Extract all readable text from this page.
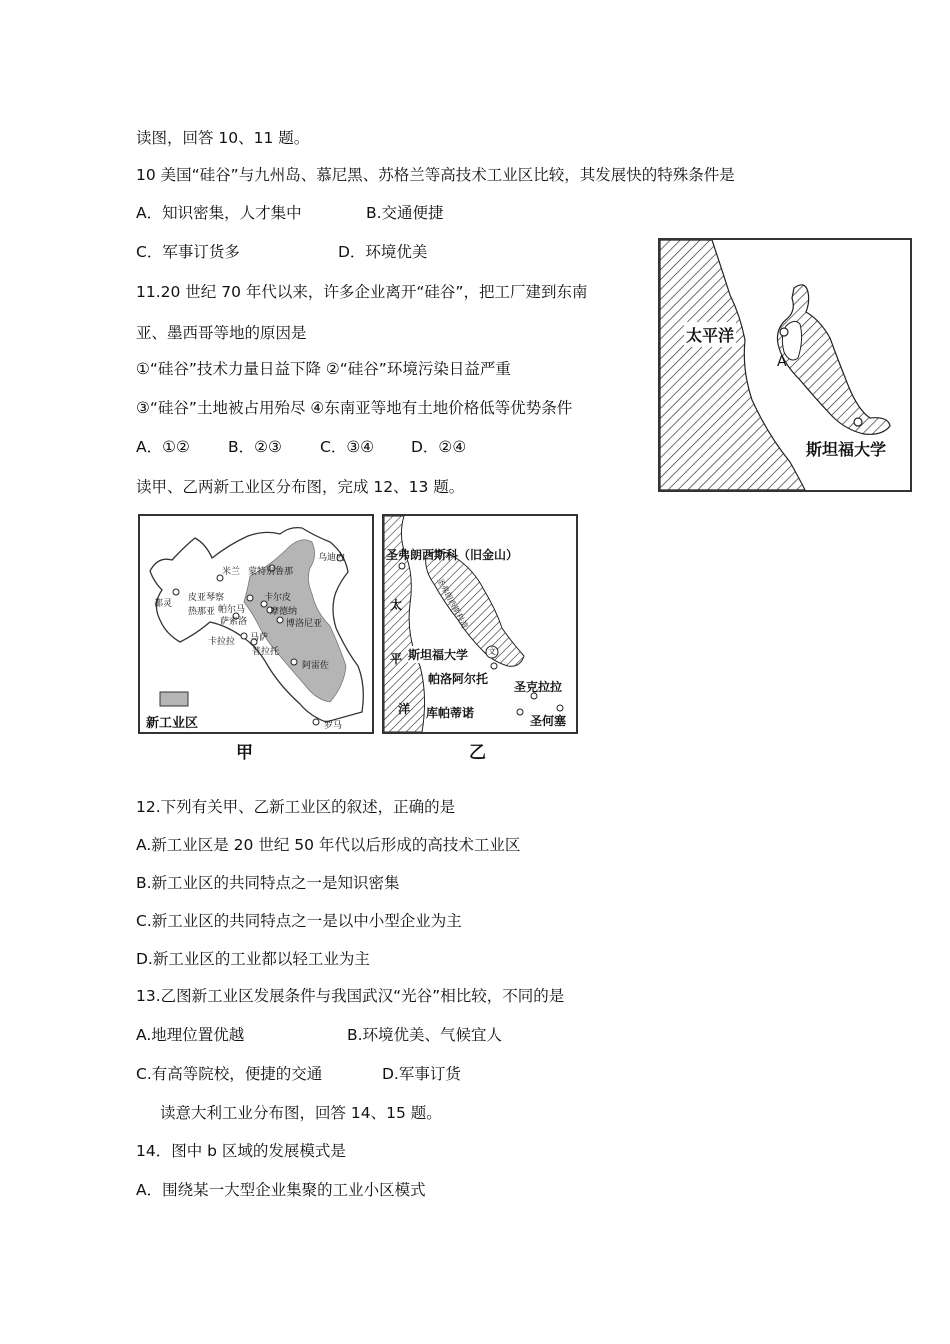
读图，回答 10、11 题。
10 美国“硅谷”与九州岛、慕尼黑、苏格兰等高技术工业区比较，其发展快的特殊条件是
A．知识密集，人才集中	B.交通便捷
C．军事订货多	D．环境优美
11.20 世纪 70 年代以来，许多企业离开“硅谷”，把工厂建到东南
亚、墨西哥等地的原因是
①“硅谷”技术力量日益下降 ②“硅谷”环境污染日益严重
③“硅谷”土地被占用殆尽 ④东南亚等地有土地价格低等优势条件
A．①② B．②③ C．③④ D．②④
读甲、乙两新工业区分布图，完成 12、13 题。
12.下列有关甲、乙新工业区的叙述，正确的是
A.新工业区是 20 世纪 50 年代以后形成的高技术工业区
B.新工业区的共同特点之一是知识密集
C.新工业区的共同特点之一是以中小型企业为主
D.新工业区的工业都以轻工业为主
13.乙图新工业区发展条件与我国武汉“光谷”相比较，不同的是
A.地理位置优越	B.环境优美、气候宜人
C.有高等院校，便捷的交通	D.军事订货
读意大利工业分布图，回答 14、15 题。
14．图中 b 区域的发展模式是
A．围绕某一大型企业集聚的工业小区模式
太平洋
A
斯坦福大学
乌迪内
蒙特别鲁那
米兰
都灵
皮亚琴察
帕尔马
卡尔皮
摩德纳
热那亚
萨索洛	博洛尼亚
卡拉拉 马萨
普拉托
阿雷佐
罗马
新工业区
甲
圣弗朗西斯科（旧金山）
圣弗朗西斯科湾
太
平
洋
斯坦福大学 文
帕洛阿尔托
圣克拉拉
库帕蒂诺
圣何塞
乙
